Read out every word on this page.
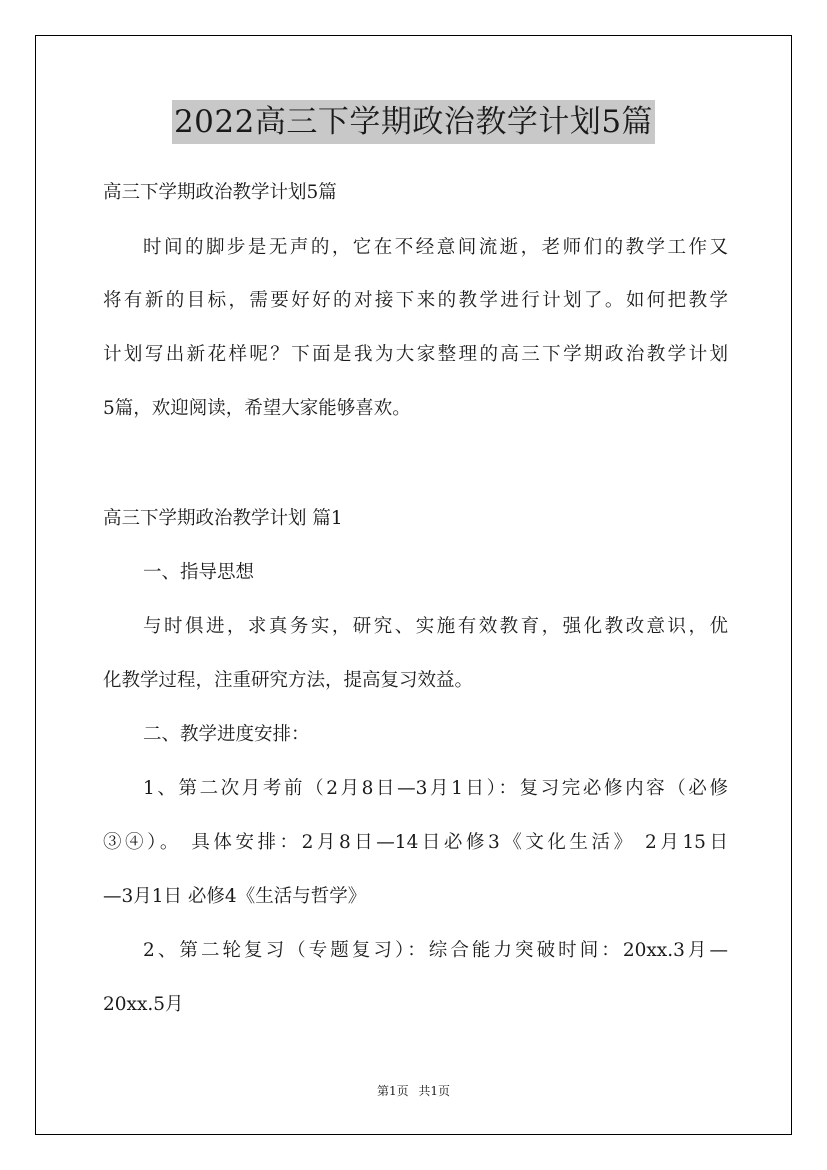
2022高三下学期政治教学计划5篇
高三下学期政治教学计划5篇
时间的脚步是无声的，它在不经意间流逝，老师们的教学工作又
将有新的目标，需要好好的对接下来的教学进行计划了。如何把教学
计划写出新花样呢？下面是我为大家整理的高三下学期政治教学计划
5篇，欢迎阅读，希望大家能够喜欢。
高三下学期政治教学计划 篇1
一、指导思想
与时俱进，求真务实，研究、实施有效教育，强化教改意识，优
化教学过程，注重研究方法，提高复习效益。
二、教学进度安排：
1、第二次月考前（2月8日—3月1日）：复习完必修内容（必修
③④）。 具体安排：2月8日—14日必修3《文化生活》 2月15日
—3月1日 必修4《生活与哲学》
2、第二轮复习（专题复习）：综合能力突破时间：20xx.3月—
20xx.5月
第1页 共1页
